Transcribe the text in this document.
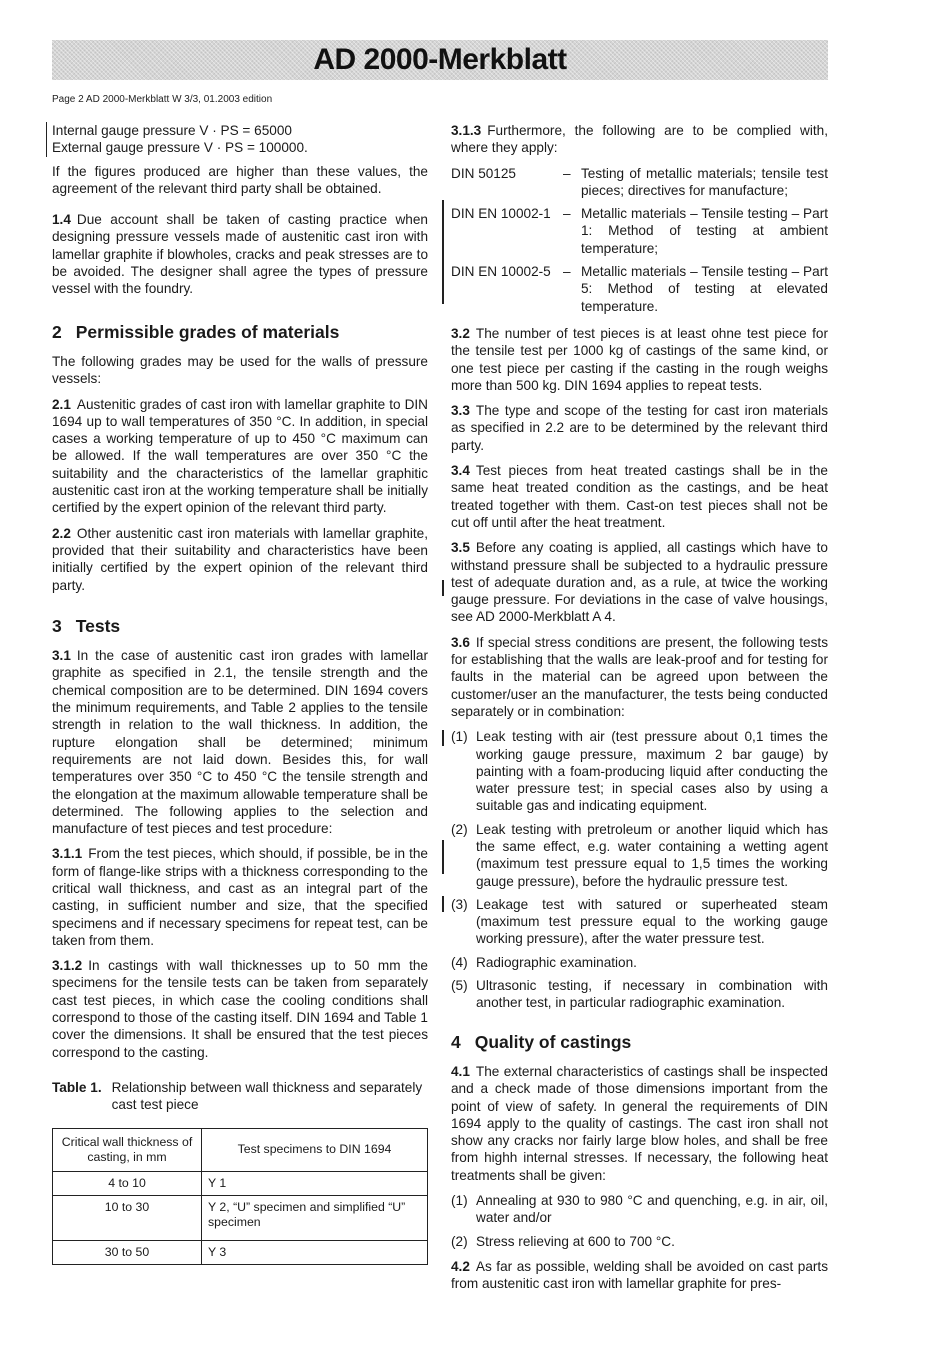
AD 2000-Merkblatt
Page 2 AD 2000-Merkblatt W 3/3, 01.2003 edition
Internal gauge pressure V · PS = 65000
External gauge pressure V · PS = 100000.

If the figures produced are higher than these values, the agreement of the relevant third party shall be obtained.

1.4 Due account shall be taken of casting practice when designing pressure vessels made of austenitic cast iron with lamellar graphite if blowholes, cracks and peak stresses are to be avoided. The designer shall agree the types of pressure vessel with the foundry.

2 Permissible grades of materials

The following grades may be used for the walls of pressure vessels:

2.1 Austenitic grades of cast iron with lamellar graphite to DIN 1694 up to wall temperatures of 350 °C. In addition, in special cases a working temperature of up to 450 °C maximum can be allowed. If the wall temperatures are over 350 °C the suitability and the characteristics of the lamellar graphitic austenitic cast iron at the working temperature shall be initially certified by the expert opinion of the relevant third party.

2.2 Other austenitic cast iron materials with lamellar graphite, provided that their suitability and characteristics have been initially certified by the expert opinion of the relevant third party.

3 Tests

3.1 In the case of austenitic cast iron grades with lamellar graphite as specified in 2.1, the tensile strength and the chemical composition are to be determined. DIN 1694 covers the minimum requirements, and Table 2 applies to the tensile strength in relation to the wall thickness. In addition, the rupture elongation shall be determined; minimum requirements are not laid down. Besides this, for wall temperatures over 350 °C to 450 °C the tensile strength and the elongation at the maximum allowable temperature shall be determined. The following applies to the selection and manufacture of test pieces and test procedure:

3.1.1 From the test pieces, which should, if possible, be in the form of flange-like strips with a thickness corresponding to the critical wall thickness, and cast as an integral part of the casting, in sufficient number and size, that the specified specimens and if necessary specimens for repeat test, can be taken from them.

3.1.2 In castings with wall thicknesses up to 50 mm the specimens for the tensile tests can be taken from separately cast test pieces, in which case the cooling conditions shall correspond to those of the casting itself. DIN 1694 and Table 1 cover the dimensions. It shall be ensured that the test pieces correspond to the casting.

Table 1. Relationship between wall thickness and separately cast test piece
Critical wall thickness of casting, in mm	Test specimens to DIN 1694
4 to 10	Y 1
10 to 30	Y 2, “U” specimen and simplified “U” specimen
30 to 50	Y 3

3.1.3 Furthermore, the following are to be complied with, where they apply:

DIN 50125	–	Testing of metallic materials; tensile test pieces; directives for manufacture;
DIN EN 10002-1	–	Metallic materials – Tensile testing – Part 1: Method of testing at ambient temperature;
DIN EN 10002-5	–	Metallic materials – Tensile testing – Part 5: Method of testing at elevated temperature.

3.2 The number of test pieces is at least ohne test piece for the tensile test per 1000 kg of castings of the same kind, or one test piece per casting if the casting in the rough weighs more than 500 kg. DIN 1694 applies to repeat tests.

3.3 The type and scope of the testing for cast iron materials as specified in 2.2 are to be determined by the relevant third party.

3.4 Test pieces from heat treated castings shall be in the same heat treated condition as the castings, and be heat treated together with them. Cast-on test pieces shall not be cut off until after the heat treatment.

3.5 Before any coating is applied, all castings which have to withstand pressure shall be subjected to a hydraulic pressure test of adequate duration and, as a rule, at twice the working gauge pressure. For deviations in the case of valve housings, see AD 2000-Merkblatt A 4.

3.6 If special stress conditions are present, the following tests for establishing that the walls are leak-proof and for testing for faults in the material can be agreed upon between the customer/user an the manufacturer, the tests being conducted separately or in combination:

(1) Leak testing with air (test pressure about 0,1 times the working gauge pressure, maximum 2 bar gauge) by painting with a foam-producing liquid after conducting the water pressure test; in special cases also by using a suitable gas and indicating equipment.
(2) Leak testing with pretroleum or another liquid which has the same effect, e.g. water containing a wetting agent (maximum test pressure equal to 1,5 times the working gauge pressure), before the hydraulic pressure test.
(3) Leakage test with satured or superheated steam (maximum test pressure equal to the working gauge working pressure), after the water pressure test.
(4) Radiographic examination.
(5) Ultrasonic testing, if necessary in combination with another test, in particular radiographic examination.
4 Quality of castings

4.1 The external characteristics of castings shall be inspected and a check made of those dimensions important from the point of view of safety. In general the requirements of DIN 1694 apply to the quality of castings. The cast iron shall not show any cracks nor fairly large blow holes, and shall be free from highh internal stresses. If necessary, the following heat treatments shall be given:

(1) Annealing at 930 to 980 °C and quenching, e.g. in air, oil, water and/or
(2) Stress relieving at 600 to 700 °C.

4.2 As far as possible, welding shall be avoided on cast parts from austenitic cast iron with lamellar graphite for pres-
